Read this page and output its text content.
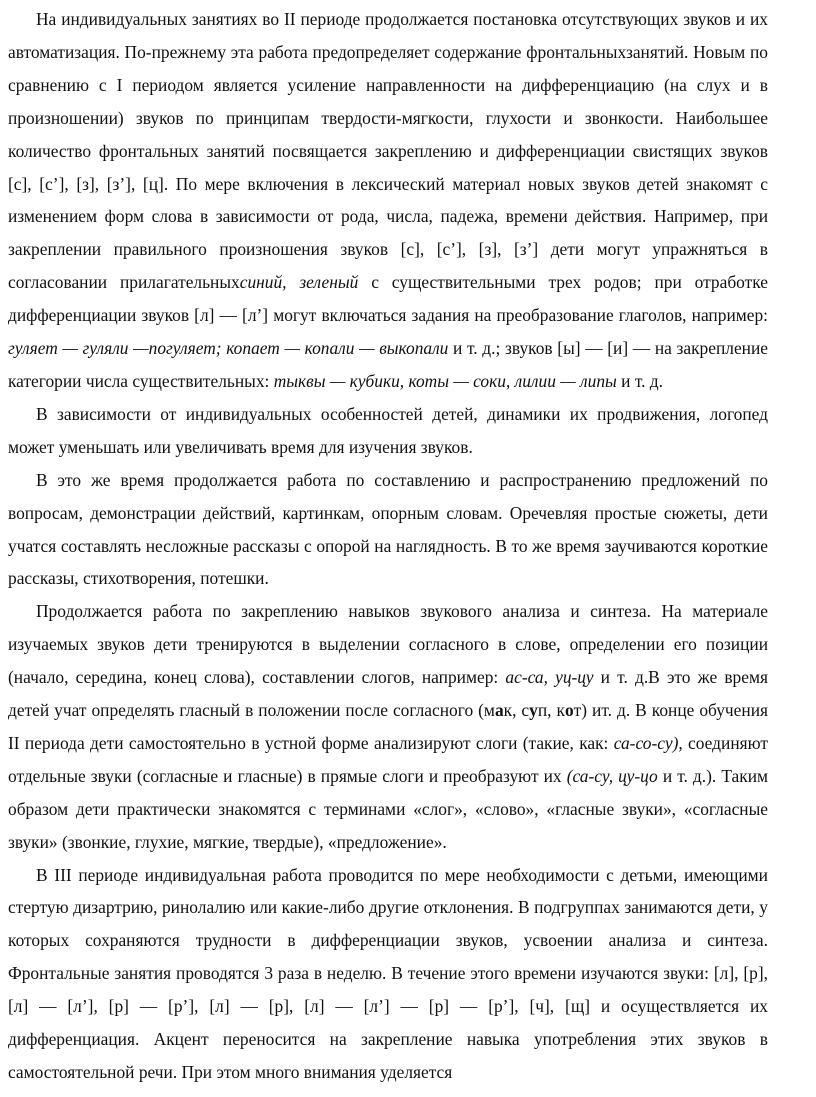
На индивидуальных занятиях во II периоде продолжается постановка отсутствующих звуков и их автоматизация. По-прежнему эта работа предопределяет содержание фронтальныхзанятий. Новым по сравнению с I периодом является усиление направленности на дифференциацию (на слух и в произношении) звуков по принципам твердости-мягкости, глухости и звонкости. Наибольшее количество фронтальных занятий посвящается закреплению и дифференциации свистящих звуков [с], [с’], [з], [з’], [ц]. По мере включения в лексический материал новых звуков детей знакомят с изменением форм слова в зависимости от рода, числа, падежа, времени действия. Например, при закреплении правильного произношения звуков [с], [с’], [з], [з’] дети могут упражняться в согласовании прилагательныхсиний, зеленый с существительными трех родов; при отработке дифференциации звуков [л] — [л’] могут включаться задания на преобразование глаголов, например: гуляет — гуляли —погуляет; копает — копали — выкопали и т. д.; звуков [ы] — [и] — на закрепление категории числа существительных: тыквы — кубики, коты — соки, лилии — липы и т. д.

В зависимости от индивидуальных особенностей детей, динамики их продвижения, логопед может уменьшать или увеличивать время для изучения звуков.

В это же время продолжается работа по составлению и распространению предложений по вопросам, демонстрации действий, картинкам, опорным словам. Оречевляя простые сюжеты, дети учатся составлять несложные рассказы с опорой на наглядность. В то же время заучиваются короткие рассказы, стихотворения, потешки.

Продолжается работа по закреплению навыков звукового анализа и синтеза. На материале изучаемых звуков дети тренируются в выделении согласного в слове, определении его позиции (начало, середина, конец слова), составлении слогов, например: ас-са, уц-цу и т. д.В это же время детей учат определять гласный в положении после согласного (мак, суп, кот) ит. д. В конце обучения II периода дети самостоятельно в устной форме анализируют слоги (такие, как: са-со-су), соединяют отдельные звуки (согласные и гласные) в прямые слоги и преобразуют их (са-су, цу-цо и т. д.). Таким образом дети практически знакомятся с терминами «слог», «слово», «гласные звуки», «согласные звуки» (звонкие, глухие, мягкие, твердые), «предложение».

В III периоде индивидуальная работа проводится по мере необходимости с детьми, имеющими стертую дизартрию, ринолалию или какие-либо другие отклонения. В подгруппах занимаются дети, у которых сохраняются трудности в дифференциации звуков, усвоении анализа и синтеза. Фронтальные занятия проводятся 3 раза в неделю. В течение этого времени изучаются звуки: [л], [р], [л] — [л’], [р] — [р’], [л] — [р], [л] — [л’] — [р] — [р’], [ч], [щ] и осуществляется их дифференциация. Акцент переносится на закрепление навыка употребления этих звуков в самостоятельной речи. При этом много внимания уделяется
